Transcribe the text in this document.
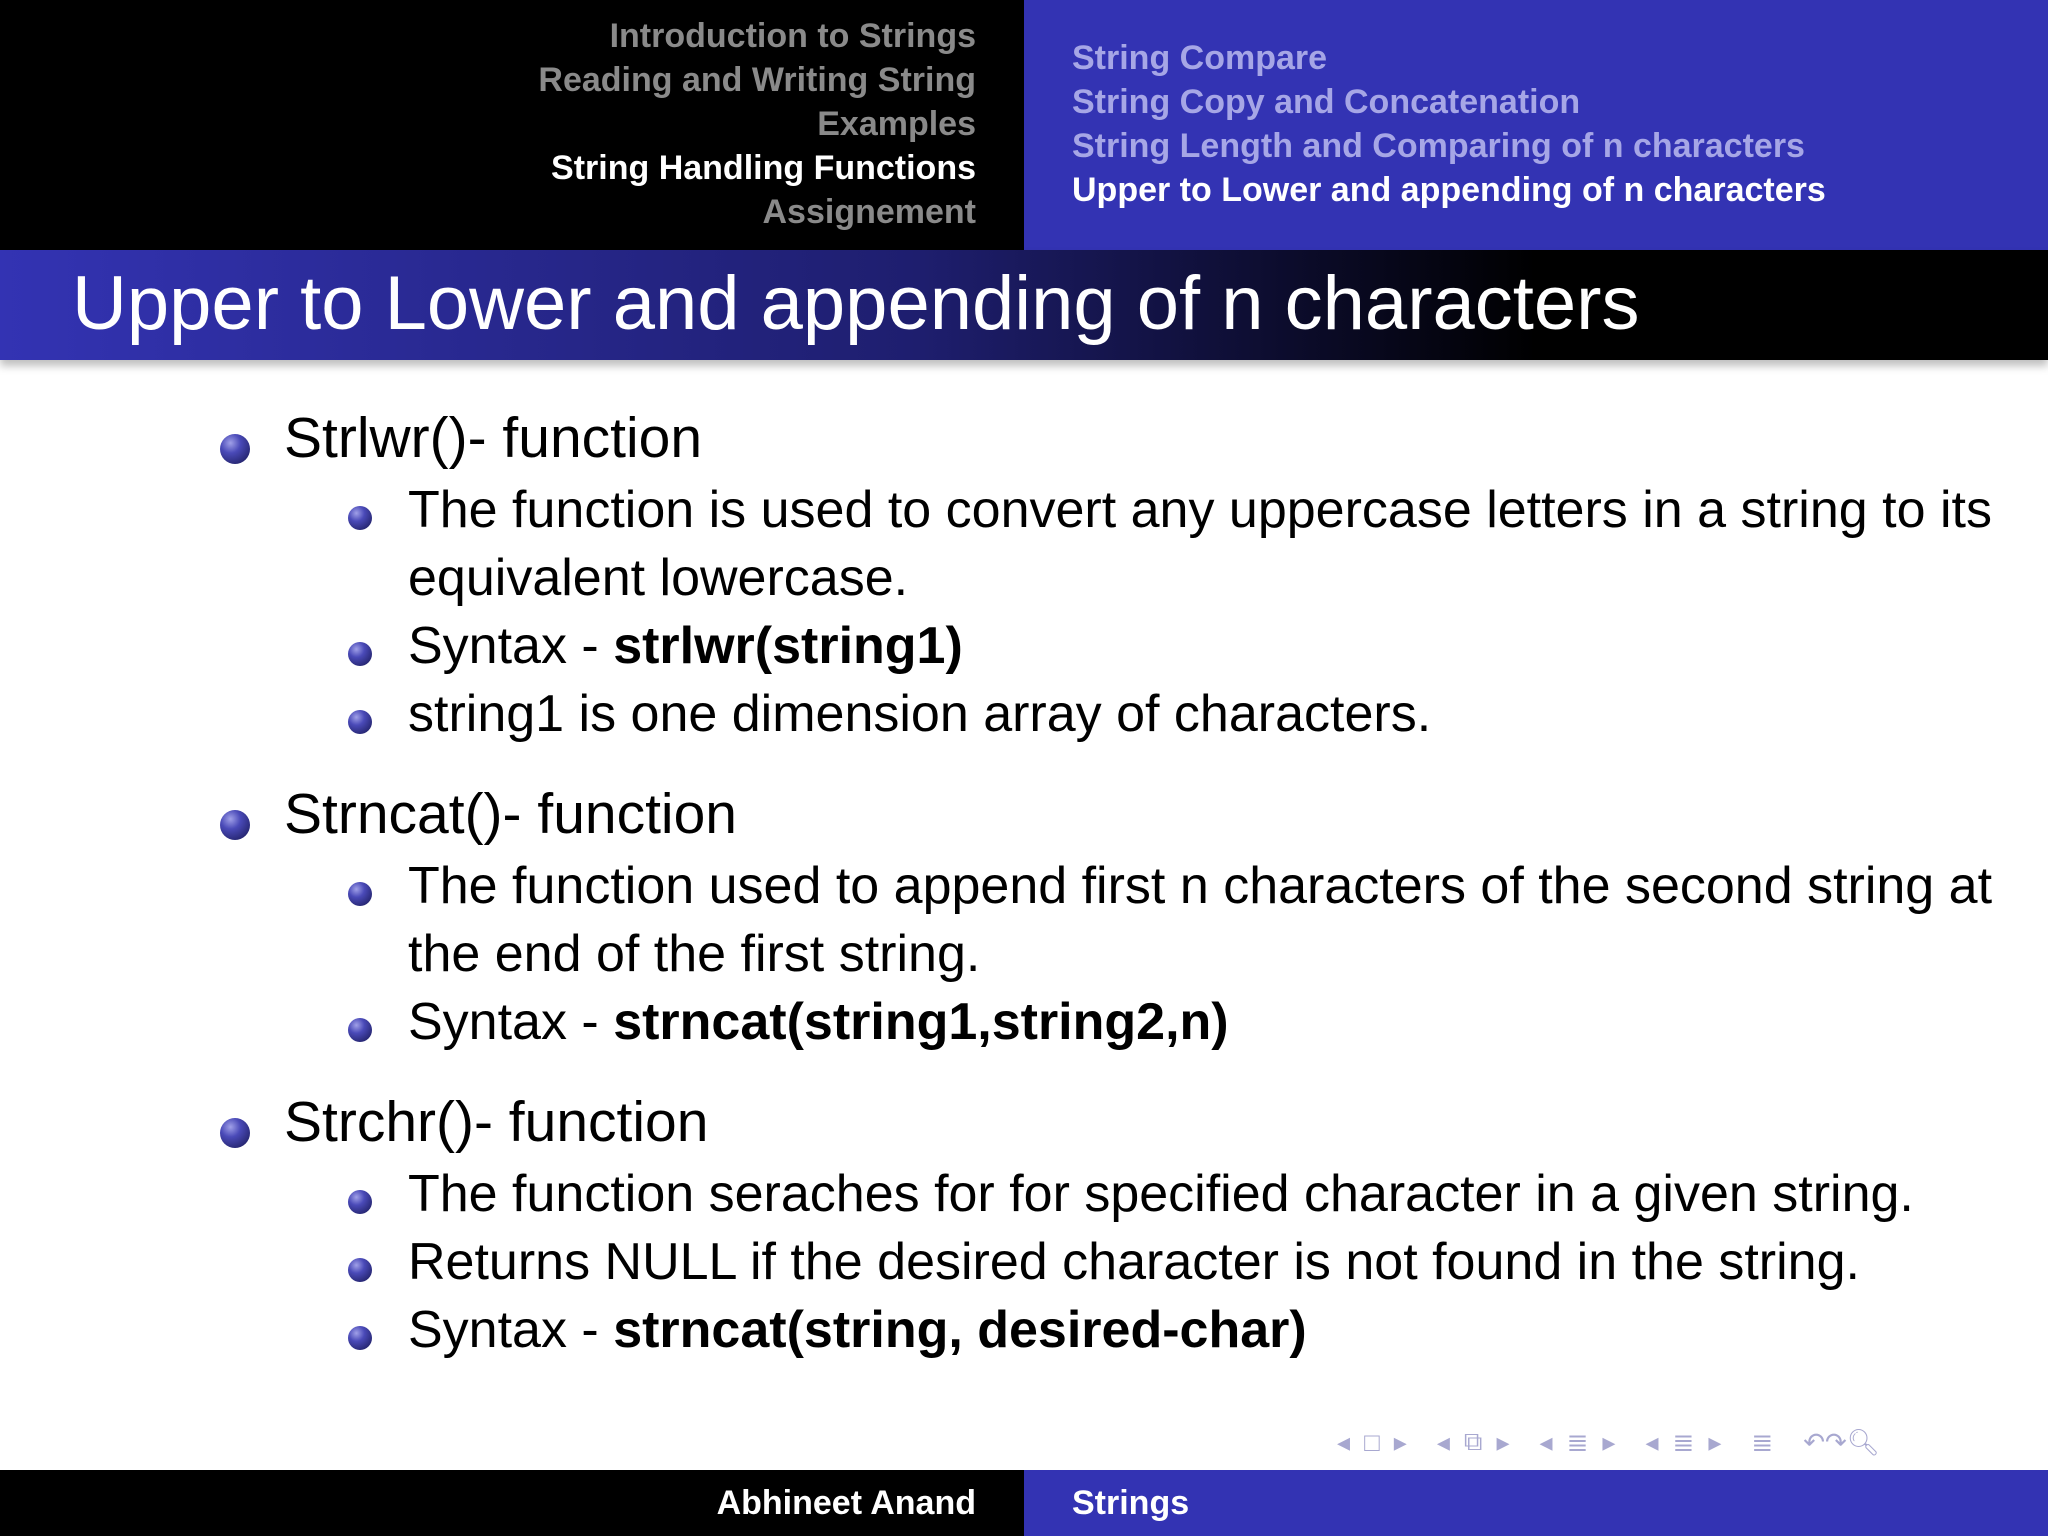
Introduction to Strings
Reading and Writing String
Examples
String Handling Functions
Assignement
String Compare
String Copy and Concatenation
String Length and Comparing of n characters
Upper to Lower and appending of n characters
Upper to Lower and appending of n characters
Strlwr()- function
The function is used to convert any uppercase letters in a string to its equivalent lowercase.
Syntax - strlwr(string1)
string1 is one dimension array of characters.
Strncat()- function
The function used to append first n characters of the second string at the end of the first string.
Syntax - strncat(string1,string2,n)
Strchr()- function
The function seraches for for specified character in a given string.
Returns NULL if the desired character is not found in the string.
Syntax - strncat(string, desired-char)
◂ □ ▸ ◂ ⧉ ▸ ◂ ≣ ▸ ◂ ≣ ▸ ≣ ↶↷🔍︎
Abhineet Anand	Strings
